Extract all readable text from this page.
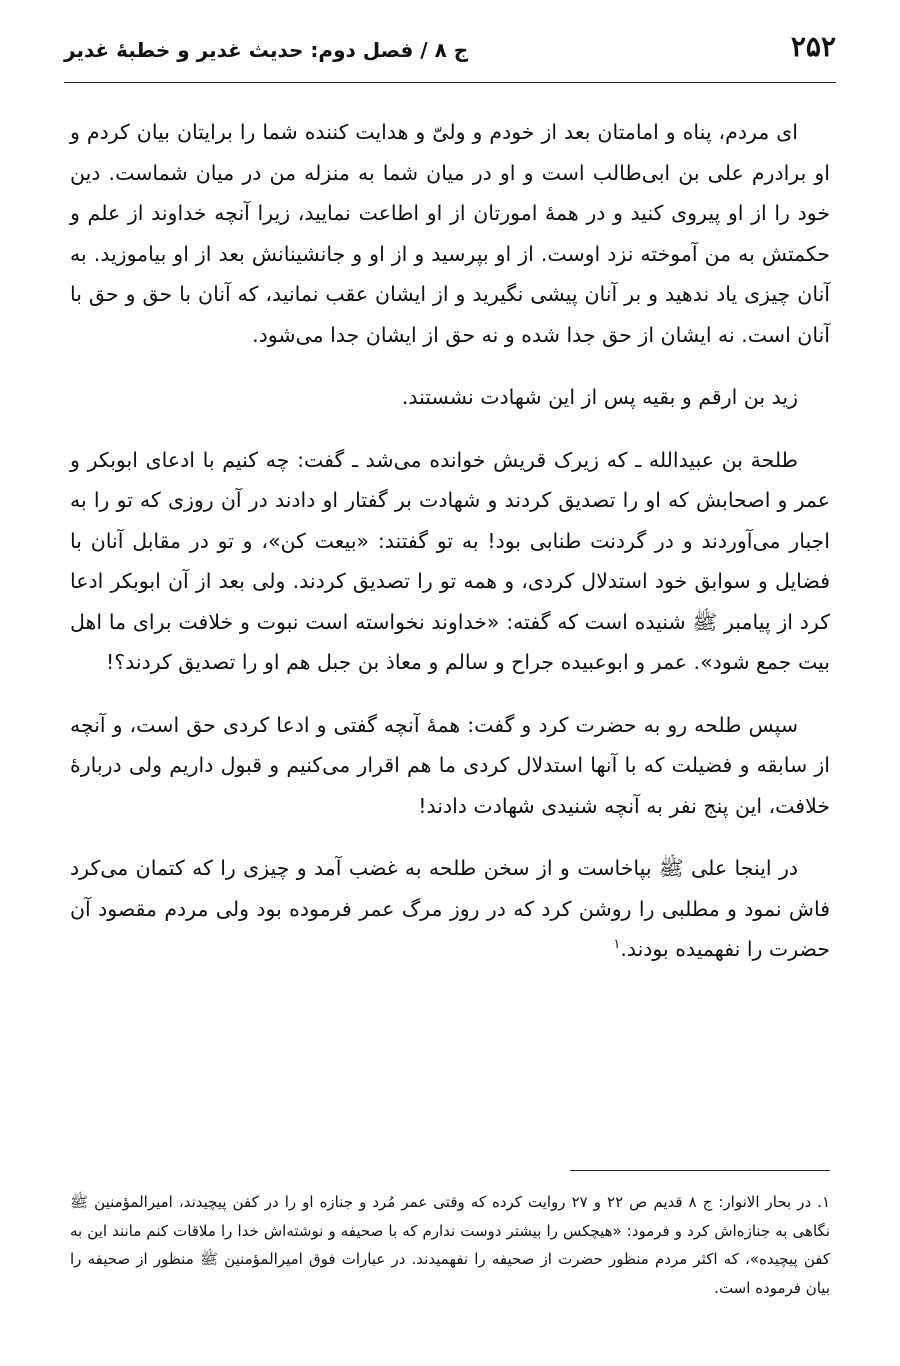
۲۵۲
ج ۸ / فصل دوم: حدیث غدیر و خطبهٔ غدیر

ای مردم، پناه و امامتان بعد از خودم و ولیّ و هدایت کننده شما را برایتان بیان کردم و او برادرم علی بن ابی‌طالب است و او در میان شما به منزله من در میان شماست. دین خود را از او پیروی کنید و در همهٔ امورتان از او اطاعت نمایید، زیرا آنچه خداوند از علم و حکمتش به من آموخته نزد اوست. از او بپرسید و از او و جانشینانش بعد از او بیاموزید. به آنان چیزی یاد ندهید و بر آنان پیشی نگیرید و از ایشان عقب نمانید، که آنان با حق و حق با آنان است. نه ایشان از حق جدا شده و نه حق از ایشان جدا می‌شود.

زید بن ارقم و بقیه پس از این شهادت نشستند.

طلحة بن عبیدالله ـ که زیرک قریش خوانده می‌شد ـ گفت: چه کنیم با ادعای ابوبکر و عمر و اصحابش که او را تصدیق کردند و شهادت بر گفتار او دادند در آن روزی که تو را به اجبار می‌آوردند و در گردنت طنابی بود! به تو گفتند: «بیعت کن»، و تو در مقابل آنان با فضایل و سوابق خود استدلال کردی، و همه تو را تصدیق کردند. ولی بعد از آن ابوبکر ادعا کرد از پیامبر ﷺ شنیده است که گفته: «خداوند نخواسته است نبوت و خلافت برای ما اهل بیت جمع شود». عمر و ابوعبیده جراح و سالم و معاذ بن جبل هم او را تصدیق کردند؟!

سپس طلحه رو به حضرت کرد و گفت: همهٔ آنچه گفتی و ادعا کردی حق است، و آنچه از سابقه و فضیلت که با آنها استدلال کردی ما هم اقرار می‌کنیم و قبول داریم ولی دربارهٔ خلافت، این پنج نفر به آنچه شنیدی شهادت دادند!

در اینجا علی ﷺ بپاخاست و از سخن طلحه به غضب آمد و چیزی را که کتمان می‌کرد فاش نمود و مطلبی را روشن کرد که در روز مرگ عمر فرموده بود ولی مردم مقصود آن حضرت را نفهمیده بودند.$^۱$

۱. در بحار الانوار: ج ۸ قدیم ص ۲۲ و ۲۷ روایت کرده که وقتی عمر مُرد و جنازه او را در کفن پیچیدند، امیرالمؤمنین ﷺ نگاهی به جنازه‌اش کرد و فرمود: «هیچکس را بیشتر دوست ندارم که با صحیفه و نوشته‌اش خدا را ملاقات کنم مانند این به کفن پیچیده»، که اکثر مردم منظور حضرت از صحیفه را نفهمیدند. در عبارات فوق امیرالمؤمنین ﷺ منظور از صحیفه را بیان فرموده است.
